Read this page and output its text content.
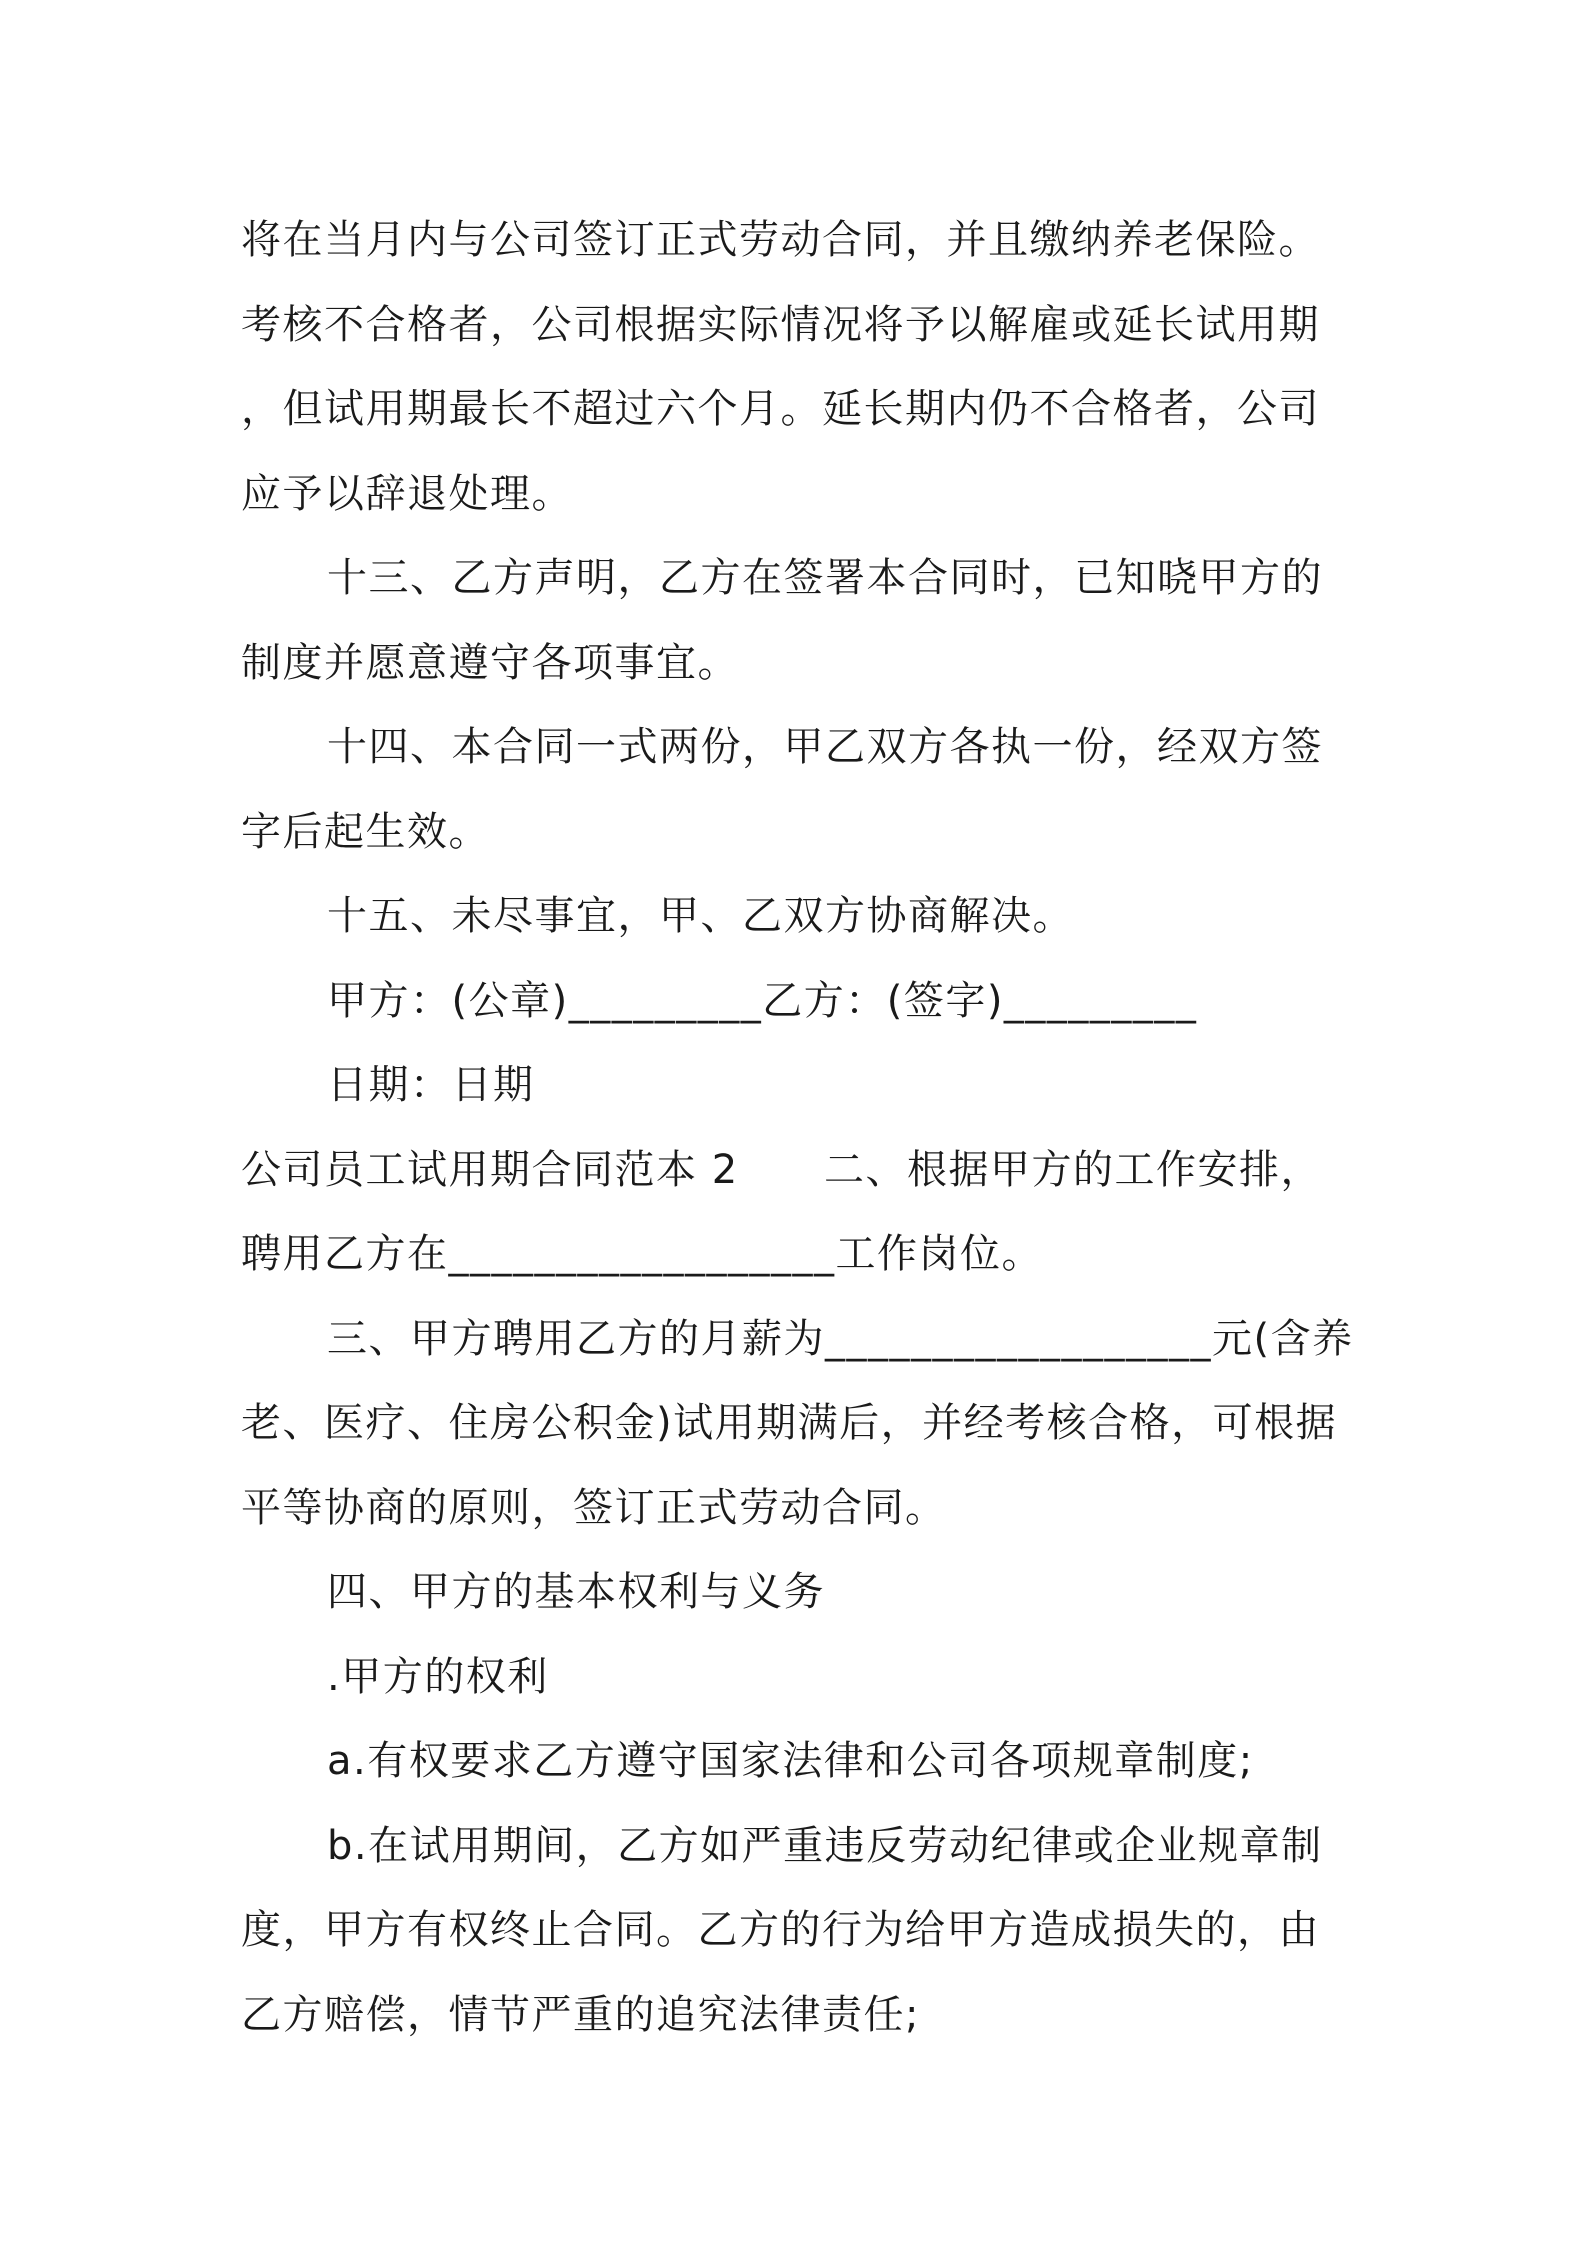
将在当月内与公司签订正式劳动合同，并且缴纳养老保险。
考核不合格者，公司根据实际情况将予以解雇或延长试用期
，但试用期最长不超过六个月。延长期内仍不合格者，公司
应予以辞退处理。
十三、乙方声明，乙方在签署本合同时，已知晓甲方的
制度并愿意遵守各项事宜。
十四、本合同一式两份，甲乙双方各执一份，经双方签
字后起生效。
十五、未尽事宜，甲、乙双方协商解决。
甲方：(公章)_________乙方：(签字)_________
日期：日期
公司员工试用期合同范本 2      二、根据甲方的工作安排，
聘用乙方在__________________工作岗位。
三、甲方聘用乙方的月薪为__________________元(含养
老、医疗、住房公积金)试用期满后，并经考核合格，可根据
平等协商的原则，签订正式劳动合同。
四、甲方的基本权利与义务
.甲方的权利
a.有权要求乙方遵守国家法律和公司各项规章制度;
b.在试用期间，乙方如严重违反劳动纪律或企业规章制
度，甲方有权终止合同。乙方的行为给甲方造成损失的，由
乙方赔偿，情节严重的追究法律责任;
